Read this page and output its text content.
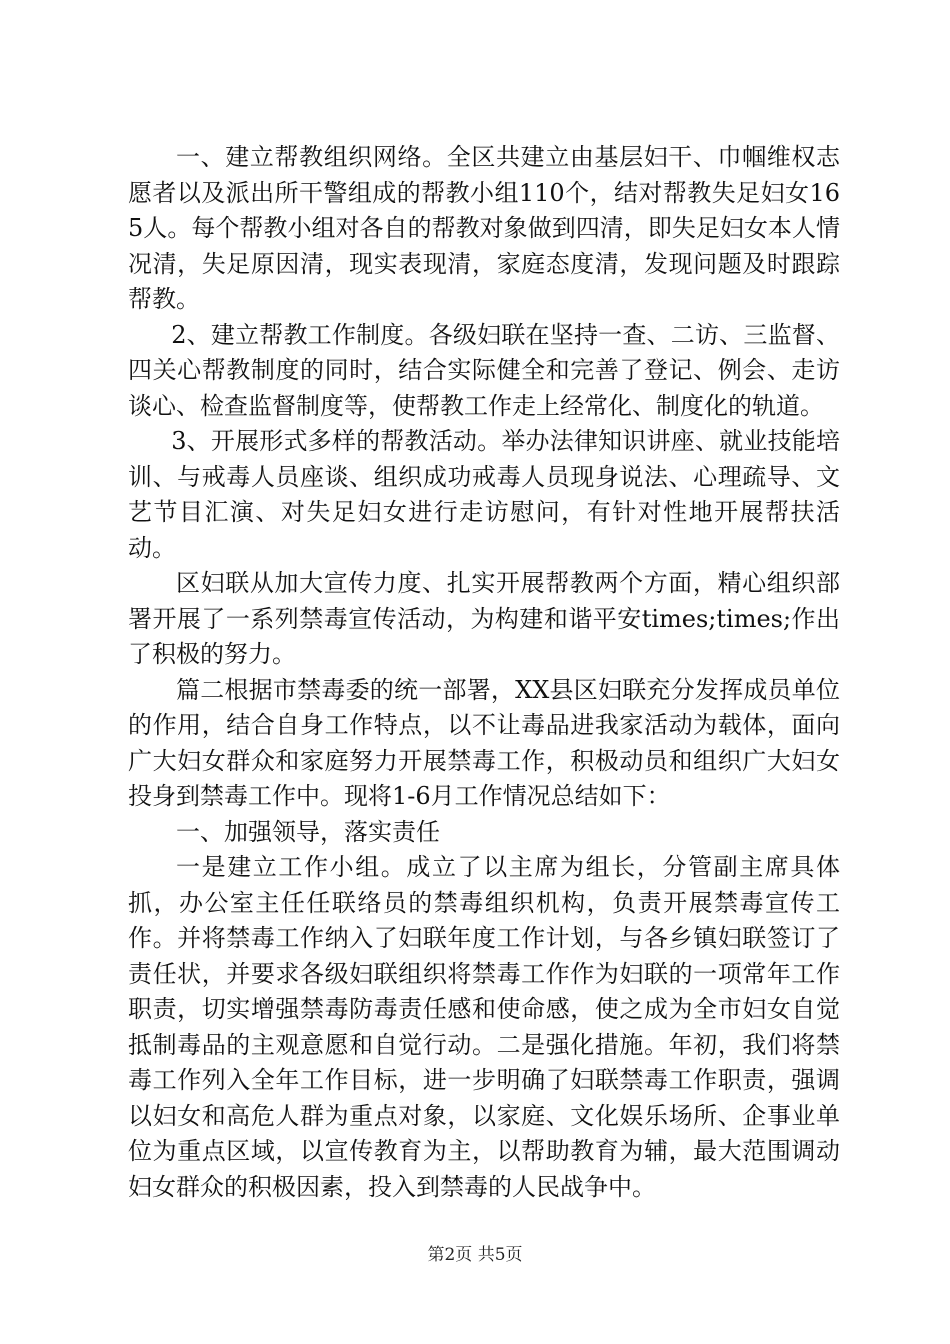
一、建立帮教组织网络。全区共建立由基层妇干、巾帼维权志愿者以及派出所干警组成的帮教小组110个，结对帮教失足妇女165人。每个帮教小组对各自的帮教对象做到四清，即失足妇女本人情况清，失足原因清，现实表现清，家庭态度清，发现问题及时跟踪帮教。

2、建立帮教工作制度。各级妇联在坚持一查、二访、三监督、四关心帮教制度的同时，结合实际健全和完善了登记、例会、走访谈心、检查监督制度等，使帮教工作走上经常化、制度化的轨道。

3、开展形式多样的帮教活动。举办法律知识讲座、就业技能培训、与戒毒人员座谈、组织成功戒毒人员现身说法、心理疏导、文艺节目汇演、对失足妇女进行走访慰问，有针对性地开展帮扶活动。

区妇联从加大宣传力度、扎实开展帮教两个方面，精心组织部署开展了一系列禁毒宣传活动，为构建和谐平安times;times;作出了积极的努力。

篇二根据市禁毒委的统一部署，XX县区妇联充分发挥成员单位的作用，结合自身工作特点，以不让毒品进我家活动为载体，面向广大妇女群众和家庭努力开展禁毒工作，积极动员和组织广大妇女投身到禁毒工作中。现将1-6月工作情况总结如下：

一、加强领导，落实责任

一是建立工作小组。成立了以主席为组长，分管副主席具体抓，办公室主任任联络员的禁毒组织机构，负责开展禁毒宣传工作。并将禁毒工作纳入了妇联年度工作计划，与各乡镇妇联签订了责任状，并要求各级妇联组织将禁毒工作作为妇联的一项常年工作职责，切实增强禁毒防毒责任感和使命感，使之成为全市妇女自觉抵制毒品的主观意愿和自觉行动。二是强化措施。年初，我们将禁毒工作列入全年工作目标，进一步明确了妇联禁毒工作职责，强调以妇女和高危人群为重点对象，以家庭、文化娱乐场所、企事业单位为重点区域，以宣传教育为主，以帮助教育为辅，最大范围调动妇女群众的积极因素，投入到禁毒的人民战争中。

第2页 共5页
